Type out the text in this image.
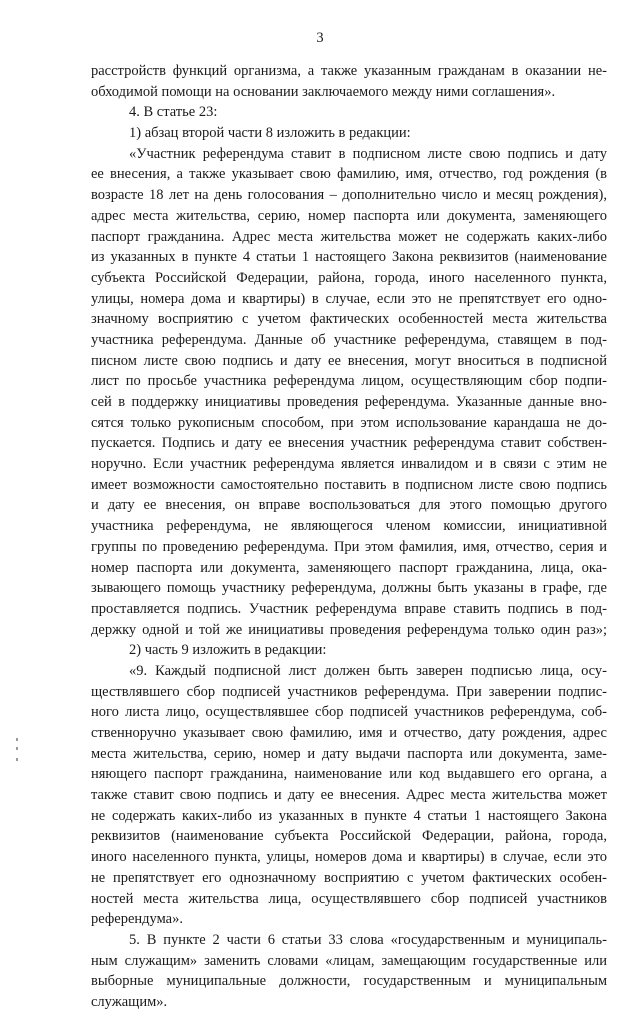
3
расстройств функций организма, а также указанным гражданам в оказании не-
обходимой помощи на основании заключаемого между ними соглашения».
4. В статье 23:
1) абзац второй части 8 изложить в редакции:
«Участник референдума ставит в подписном листе свою подпись и дату
ее внесения, а также указывает свою фамилию, имя, отчество, год рождения (в
возрасте 18 лет на день голосования – дополнительно число и месяц рождения),
адрес места жительства, серию, номер паспорта или документа, заменяющего
паспорт гражданина. Адрес места жительства может не содержать каких-либо
из указанных в пункте 4 статьи 1 настоящего Закона реквизитов (наименование
субъекта Российской Федерации, района, города, иного населенного пункта,
улицы, номера дома и квартиры) в случае, если это не препятствует его одно-
значному восприятию с учетом фактических особенностей места жительства
участника референдума. Данные об участнике референдума, ставящем в под-
писном листе свою подпись и дату ее внесения, могут вноситься в подписной
лист по просьбе участника референдума лицом, осуществляющим сбор подпи-
сей в поддержку инициативы проведения референдума. Указанные данные вно-
сятся только рукописным способом, при этом использование карандаша не до-
пускается. Подпись и дату ее внесения участник референдума ставит собствен-
норучно. Если участник референдума является инвалидом и в связи с этим не
имеет возможности самостоятельно поставить в подписном листе свою подпись
и дату ее внесения, он вправе воспользоваться для этого помощью другого
участника референдума, не являющегося членом комиссии, инициативной
группы по проведению референдума. При этом фамилия, имя, отчество, серия и
номер паспорта или документа, заменяющего паспорт гражданина, лица, ока-
зывающего помощь участнику референдума, должны быть указаны в графе, где
проставляется подпись. Участник референдума вправе ставить подпись в под-
держку одной и той же инициативы проведения референдума только один раз»;
2) часть 9 изложить в редакции:
«9. Каждый подписной лист должен быть заверен подписью лица, осу-
ществлявшего сбор подписей участников референдума. При заверении подпис-
ного листа лицо, осуществлявшее сбор подписей участников референдума, соб-
ственноручно указывает свою фамилию, имя и отчество, дату рождения, адрес
места жительства, серию, номер и дату выдачи паспорта или документа, заме-
няющего паспорт гражданина, наименование или код выдавшего его органа, а
также ставит свою подпись и дату ее внесения. Адрес места жительства может
не содержать каких-либо из указанных в пункте 4 статьи 1 настоящего Закона
реквизитов (наименование субъекта Российской Федерации, района, города,
иного населенного пункта, улицы, номеров дома и квартиры) в случае, если это
не препятствует его однозначному восприятию с учетом фактических особен-
ностей места жительства лица, осуществлявшего сбор подписей участников
референдума».
5. В пункте 2 части 6 статьи 33 слова «государственным и муниципаль-
ным служащим» заменить словами «лицам, замещающим государственные или
выборные муниципальные должности, государственным и муниципальным
служащим».
